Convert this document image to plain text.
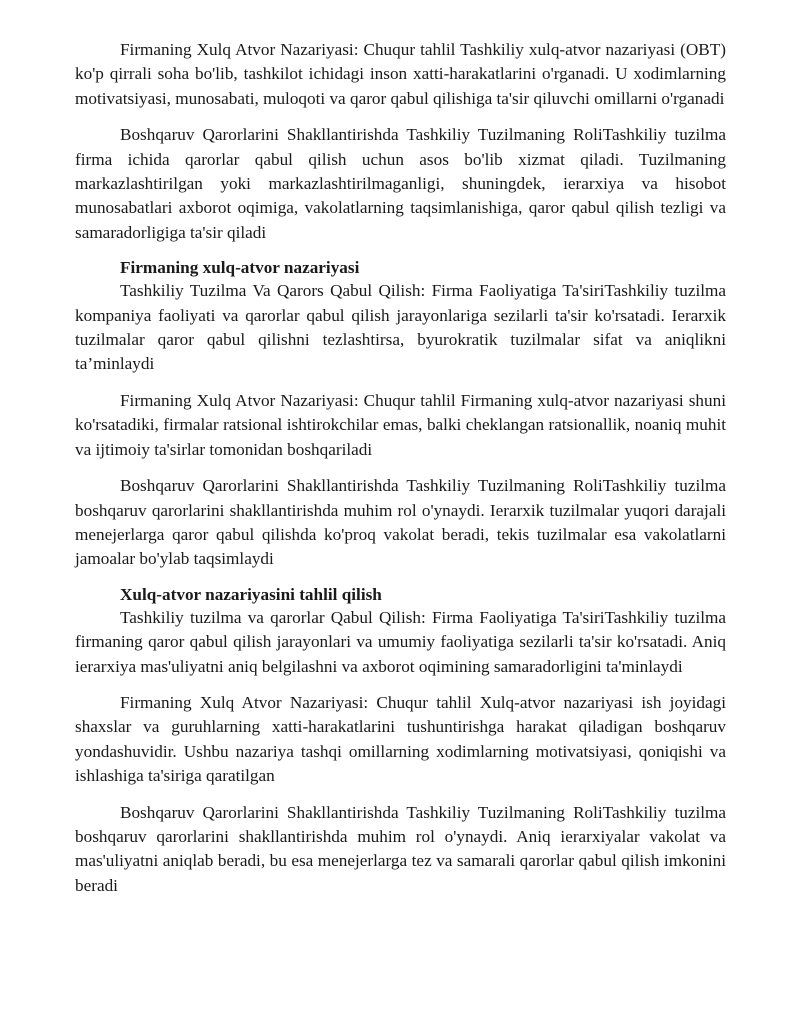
Firmaning Xulq Atvor Nazariyasi: Chuqur tahlil Tashkiliy xulq-atvor nazariyasi (OBT) ko'p qirrali soha bo'lib, tashkilot ichidagi inson xatti-harakatlarini o'rganadi. U xodimlarning motivatsiyasi, munosabati, muloqoti va qaror qabul qilishiga ta'sir qiluvchi omillarni o'rganadi

Boshqaruv Qarorlarini Shakllantirishda Tashkiliy Tuzilmaning RoliTashkiliy tuzilma firma ichida qarorlar qabul qilish uchun asos bo'lib xizmat qiladi. Tuzilmaning markazlashtirilgan yoki markazlashtirilmaganligi, shuningdek, ierarxiya va hisobot munosabatlari axborot oqimiga, vakolatlarning taqsimlanishiga, qaror qabul qilish tezligi va samaradorligiga ta'sir qiladi

Firmaning xulq-atvor nazariyasi

Tashkiliy Tuzilma Va Qarors Qabul Qilish: Firma Faoliyatiga Ta'siriTashkiliy tuzilma kompaniya faoliyati va qarorlar qabul qilish jarayonlariga sezilarli ta'sir ko'rsatadi. Ierarxik tuzilmalar qaror qabul qilishni tezlashtirsa, byurokratik tuzilmalar sifat va aniqlikni ta’minlaydi

Firmaning Xulq Atvor Nazariyasi: Chuqur tahlil Firmaning xulq-atvor nazariyasi shuni ko'rsatadiki, firmalar ratsional ishtirokchilar emas, balki cheklangan ratsionallik, noaniq muhit va ijtimoiy ta'sirlar tomonidan boshqariladi

Boshqaruv Qarorlarini Shakllantirishda Tashkiliy Tuzilmaning RoliTashkiliy tuzilma boshqaruv qarorlarini shakllantirishda muhim rol o'ynaydi. Ierarxik tuzilmalar yuqori darajali menejerlarga qaror qabul qilishda ko'proq vakolat beradi, tekis tuzilmalar esa vakolatlarni jamoalar bo'ylab taqsimlaydi

Xulq-atvor nazariyasini tahlil qilish

Tashkiliy tuzilma va qarorlar Qabul Qilish: Firma Faoliyatiga Ta'siriTashkiliy tuzilma firmaning qaror qabul qilish jarayonlari va umumiy faoliyatiga sezilarli ta'sir ko'rsatadi. Aniq ierarxiya mas'uliyatni aniq belgilashni va axborot oqimining samaradorligini ta'minlaydi

Firmaning Xulq Atvor Nazariyasi: Chuqur tahlil Xulq-atvor nazariyasi ish joyidagi shaxslar va guruhlarning xatti-harakatlarini tushuntirishga harakat qiladigan boshqaruv yondashuvidir. Ushbu nazariya tashqi omillarning xodimlarning motivatsiyasi, qoniqishi va ishlashiga ta'siriga qaratilgan

Boshqaruv Qarorlarini Shakllantirishda Tashkiliy Tuzilmaning RoliTashkiliy tuzilma boshqaruv qarorlarini shakllantirishda muhim rol o'ynaydi. Aniq ierarxiyalar vakolat va mas'uliyatni aniqlab beradi, bu esa menejerlarga tez va samarali qarorlar qabul qilish imkonini beradi
